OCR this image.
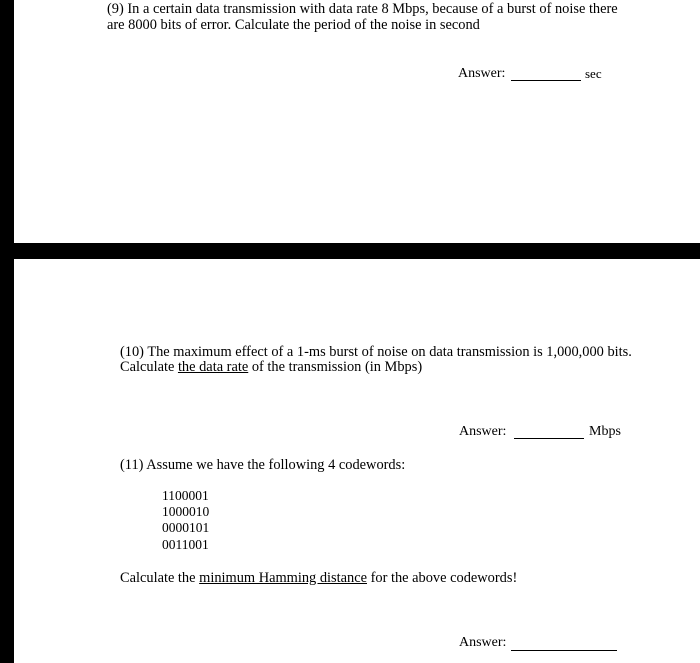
(9) In a certain data transmission with data rate 8 Mbps, because of a burst of noise there
are 8000 bits of error. Calculate the period of the noise in second
Answer:	sec
(10) The maximum effect of a 1-ms burst of noise on data transmission is 1,000,000 bits.
Calculate the data rate of the transmission (in Mbps)
Answer:	Mbps
(11) Assume we have the following 4 codewords:
1100001
1000010
0000101
0011001
Calculate the minimum Hamming distance for the above codewords!
Answer:
